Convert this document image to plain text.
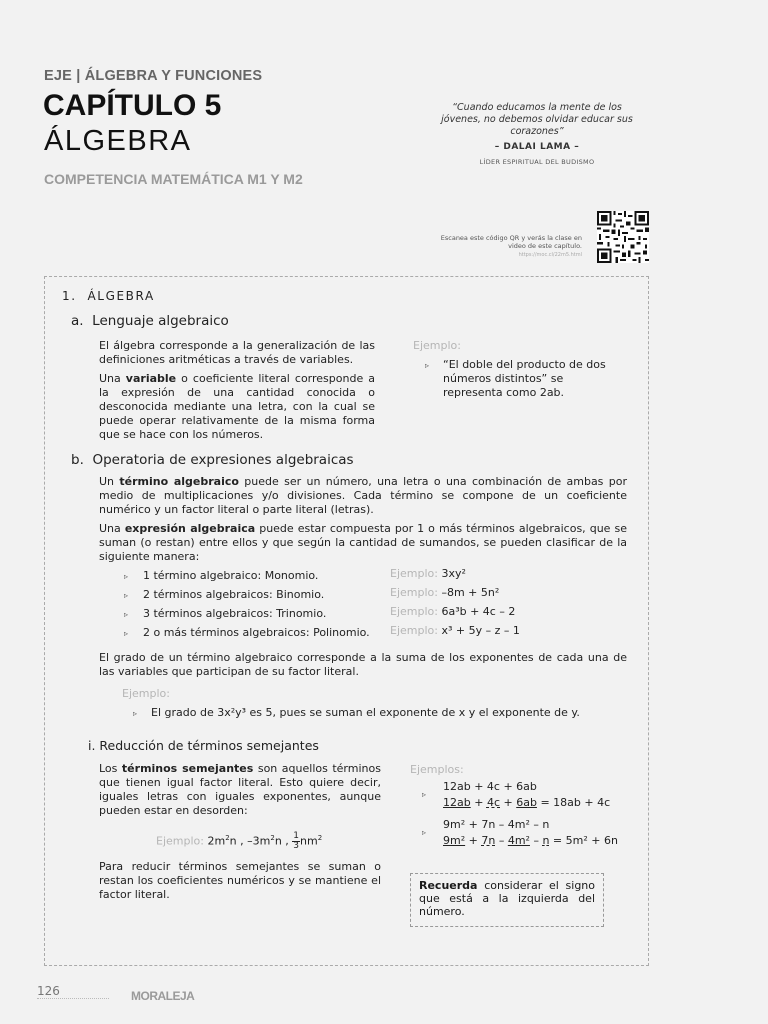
EJE | ÁLGEBRA Y FUNCIONES
CAPÍTULO 5
ÁLGEBRA
COMPETENCIA MATEMÁTICA M1 Y M2
“Cuando educamos la mente de los jóvenes, no debemos olvidar educar sus corazones”
– DALAI LAMA –
LÍDER ESPIRITUAL DEL BUDISMO
Escanea este código QR y verás la clase en video de este capítulo.
https://moc.cl/22m5.html
1. ÁLGEBRA
a. Lenguaje algebraico
El álgebra corresponde a la generalización de las definiciones aritméticas a través de variables.
Una variable o coeficiente literal corresponde a la expresión de una cantidad conocida o desconocida mediante una letra, con la cual se puede operar relativamente de la misma forma que se hace con los números.
Ejemplo:
▹ “El doble del producto de dos números distintos” se representa como 2ab.
b. Operatoria de expresiones algebraicas
Un término algebraico puede ser un número, una letra o una combinación de ambas por medio de multiplicaciones y/o divisiones. Cada término se compone de un coeficiente numérico y un factor literal o parte literal (letras).
Una expresión algebraica puede estar compuesta por 1 o más términos algebraicos, que se suman (o restan) entre ellos y que según la cantidad de sumandos, se pueden clasificar de la siguiente manera:
▹ 1 término algebraico: Monomio.	Ejemplo: 3xy²
▹ 2 términos algebraicos: Binomio.	Ejemplo: –8m + 5n²
▹ 3 términos algebraicos: Trinomio.	Ejemplo: 6a³b + 4c – 2
▹ 2 o más términos algebraicos: Polinomio. Ejemplo: x³ + 5y – z – 1
El grado de un término algebraico corresponde a la suma de los exponentes de cada una de las variables que participan de su factor literal.
Ejemplo:
▹ El grado de 3x²y³ es 5, pues se suman el exponente de x y el exponente de y.
i. Reducción de términos semejantes
Los términos semejantes son aquellos términos que tienen igual factor literal. Esto quiere decir, iguales letras con iguales exponentes, aunque pueden estar en desorden:
Ejemplo: $2m^2n$ , $-3m^2n$ , $\frac{1}{3} nm^2$
Para reducir términos semejantes se suman o restan los coeficientes numéricos y se mantiene el factor literal.
Ejemplos:
12ab + 4c + 6ab
▹
12ab + 4c + 6ab = 18ab + 4c
9m² + 7n – 4m² – n
▹
9m² + 7n – 4m² – n = 5m² + 6n
Recuerda considerar el signo que está a la izquierda del número.
126	MORALEJA
